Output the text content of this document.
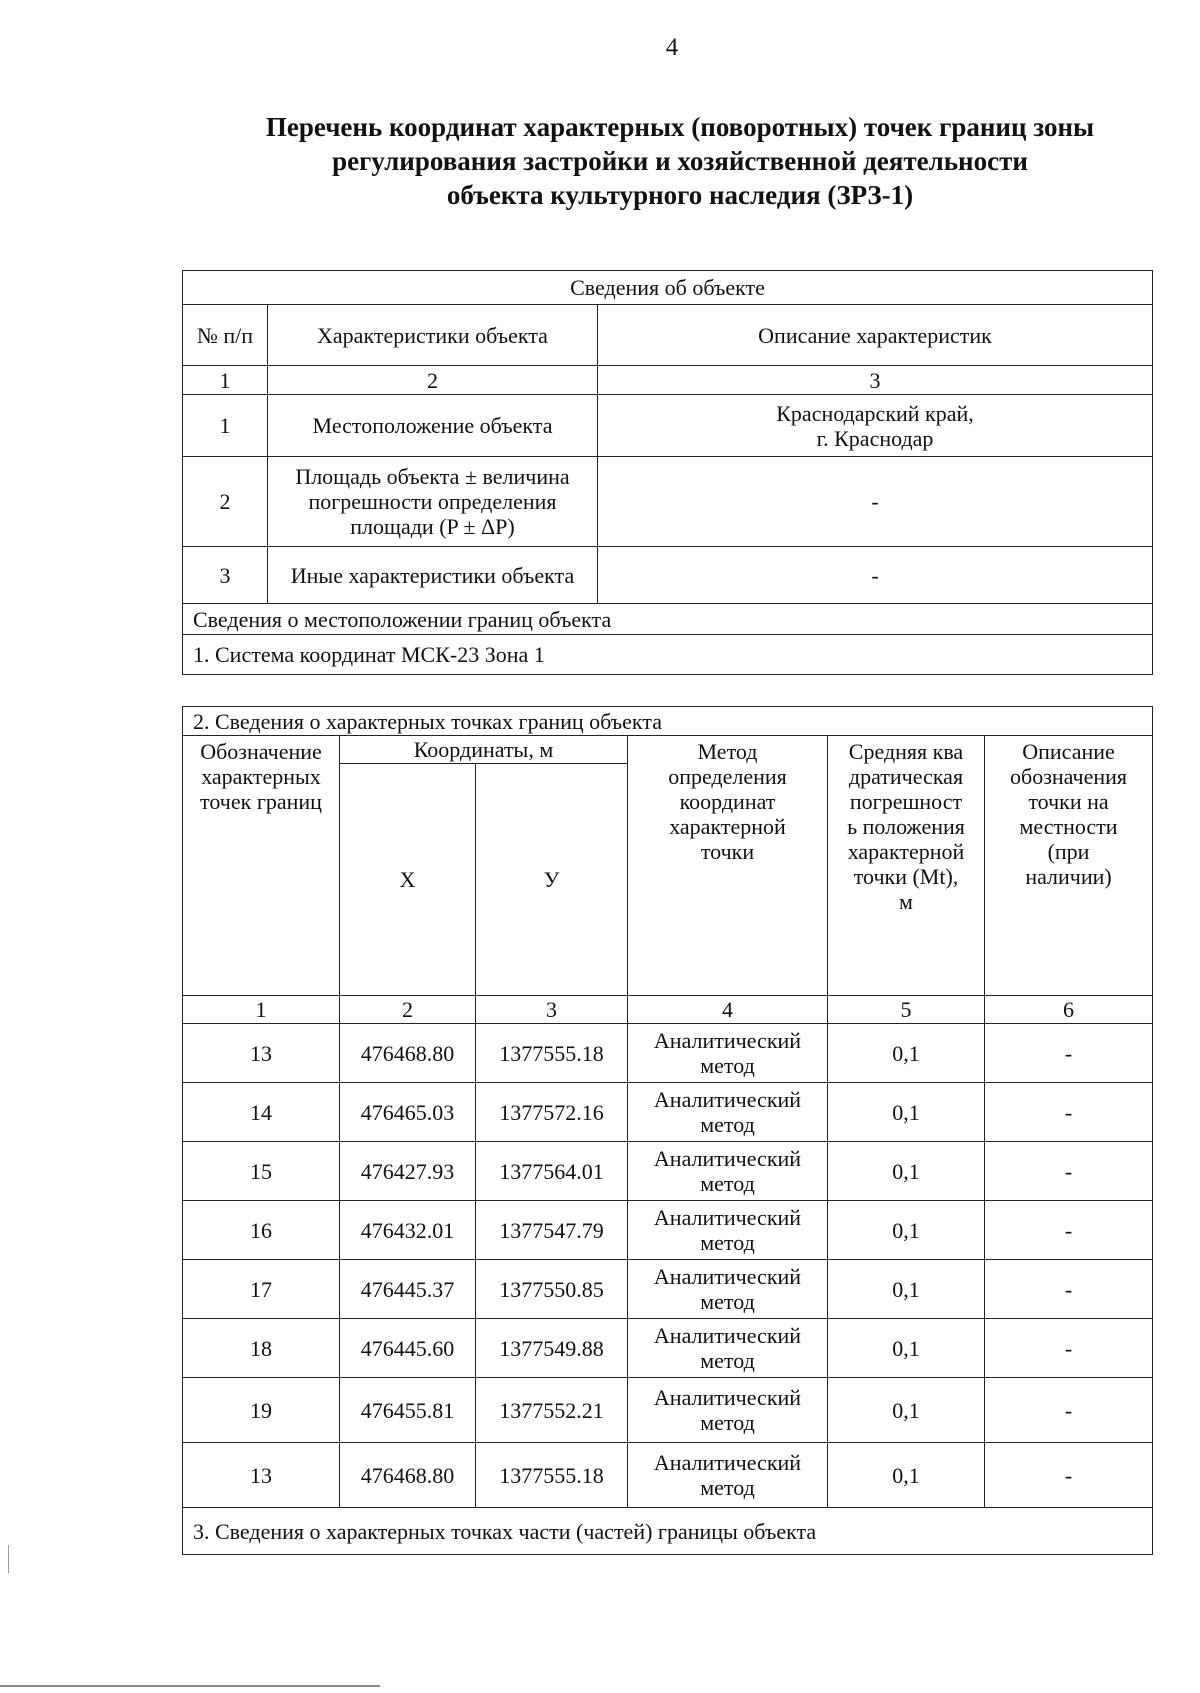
4
Перечень координат характерных (поворотных) точек границ зоны
регулирования застройки и хозяйственной деятельности
объекта культурного наследия (ЗРЗ-1)
Сведения об объекте		
№ п/п	Характеристики объекта	Описание характеристик
1	2	3
1	Местоположение объекта	Краснодарский край,
г. Краснодар

2	Площадь объекта ± величина погрешности определения площади (P ± ΔP)	-
3	Иные характеристики объекта	-
Сведения о местоположении границ объекта		
1. Система координат МСК-23 Зона 1		
2. Сведения о характерных точках границ объекта					
Обозначение характерных точек границ	Координаты, м		Метод определения координат характерной точки	Средняя квадратическая погрешность положения характерной точки (Mt), м	Описание обозначения точки на местности (при наличии)
	X	У			
1	2	3	4	5	6
13	476468.80	1377555.18	Аналитический метод	0,1	-
14	476465.03	1377572.16	Аналитический метод	0,1	-
15	476427.93	1377564.01	Аналитический метод	0,1	-
16	476432.01	1377547.79	Аналитический метод	0,1	-
17	476445.37	1377550.85	Аналитический метод	0,1	-
18	476445.60	1377549.88	Аналитический метод	0,1	-
19	476455.81	1377552.21	Аналитический метод	0,1	-
13	476468.80	1377555.18	Аналитический метод	0,1	-
3. Сведения о характерных точках части (частей) границы объекта					
